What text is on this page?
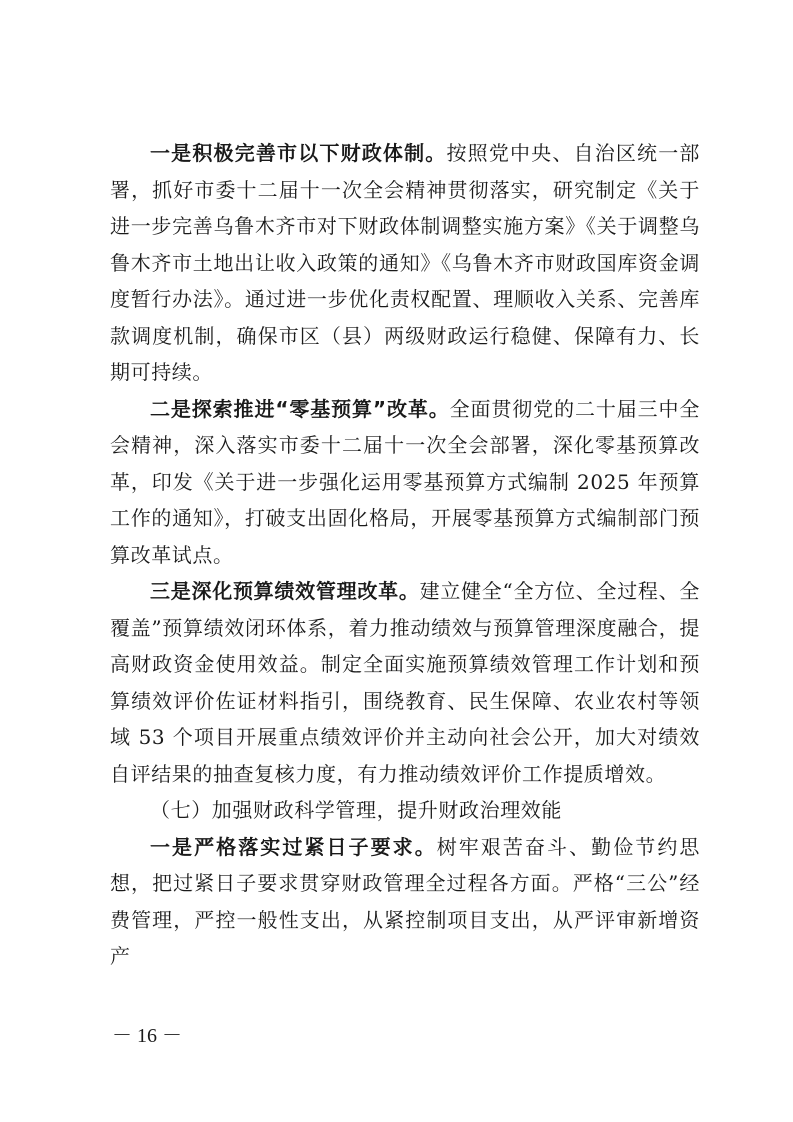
一是积极完善市以下财政体制。按照党中央、自治区统一部署，抓好市委十二届十一次全会精神贯彻落实，研究制定《关于进一步完善乌鲁木齐市对下财政体制调整实施方案》《关于调整乌鲁木齐市土地出让收入政策的通知》《乌鲁木齐市财政国库资金调度暂行办法》。通过进一步优化责权配置、理顺收入关系、完善库款调度机制，确保市区（县）两级财政运行稳健、保障有力、长期可持续。

二是探索推进“零基预算”改革。全面贯彻党的二十届三中全会精神，深入落实市委十二届十一次全会部署，深化零基预算改革，印发《关于进一步强化运用零基预算方式编制 2025 年预算工作的通知》，打破支出固化格局，开展零基预算方式编制部门预算改革试点。

三是深化预算绩效管理改革。建立健全“全方位、全过程、全覆盖”预算绩效闭环体系，着力推动绩效与预算管理深度融合，提高财政资金使用效益。制定全面实施预算绩效管理工作计划和预算绩效评价佐证材料指引，围绕教育、民生保障、农业农村等领域 53 个项目开展重点绩效评价并主动向社会公开，加大对绩效自评结果的抽查复核力度，有力推动绩效评价工作提质增效。

（七）加强财政科学管理，提升财政治理效能

一是严格落实过紧日子要求。树牢艰苦奋斗、勤俭节约思想，把过紧日子要求贯穿财政管理全过程各方面。严格“三公”经费管理，严控一般性支出，从紧控制项目支出，从严评审新增资产

－ 16 －
